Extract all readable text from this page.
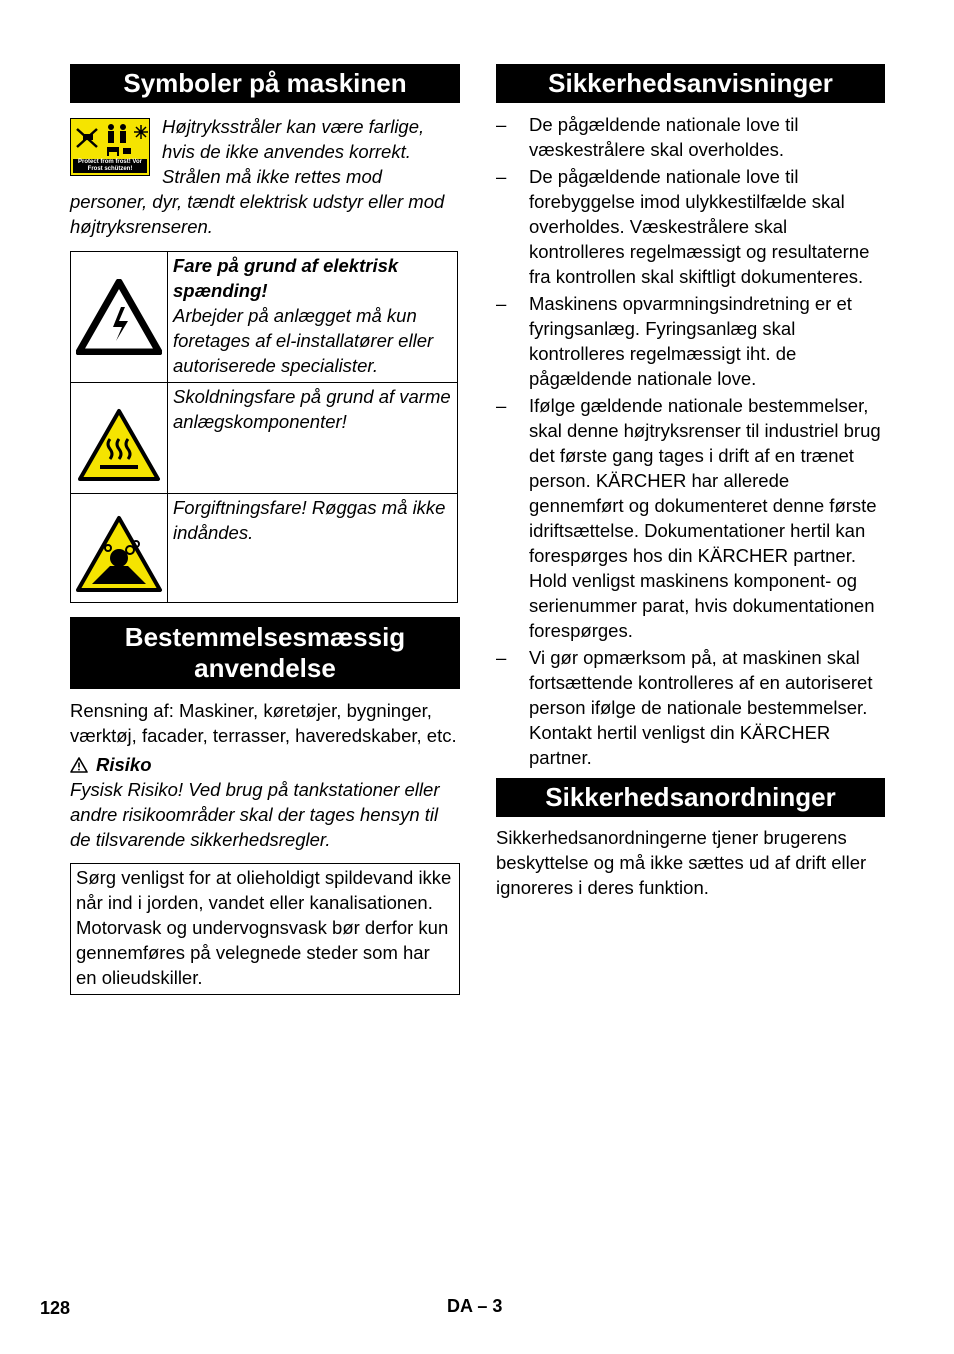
Symboler på maskinen
Protect from frost! Vor Frost schützen!

Højtryksstråler kan være farlige, hvis de ikke anvendes korrekt. Strålen må ikke rettes mod personer, dyr, tændt elektrisk udstyr eller mod højtryksrenseren.

Fare på grund af elektrisk spænding!
Arbejder på anlægget må kun foretages af el-installatører eller autoriserede specialister.
Skoldningsfare på grund af varme anlægskomponenter!
Forgiftningsfare! Røggas må ikke indåndes.
Bestemmelsesmæssig
anvendelse

Rensning af: Maskiner, køretøjer, bygninger, værktøj, facader, terrasser, haveredskaber, etc.

Risiko

Fysisk Risiko! Ved brug på tankstationer eller andre risikoområder skal der tages hensyn til de tilsvarende sikkerhedsregler.

Sørg venligst for at olieholdigt spildevand ikke når ind i jorden, vandet eller kanalisationen. Motorvask og undervognsvask bør derfor kun gennemføres på velegnede steder som har en olieudskiller.
Sikkerhedsanvisninger
– De pågældende nationale love til væskestrålere skal overholdes.
– De pågældende nationale love til forebyggelse imod ulykkestilfælde skal overholdes. Væskestrålere skal kontrolleres regelmæssigt og resultaterne fra kontrollen skal skiftligt dokumenteres.
– Maskinens opvarmningsindretning er et fyringsanlæg. Fyringsanlæg skal kontrolleres regelmæssigt iht. de pågældende nationale love.
– Ifølge gældende nationale bestemmelser, skal denne højtryksrenser til industriel brug det første gang tages i drift af en trænet person. KÄRCHER har allerede gennemført og dokumenteret denne første idriftsættelse. Dokumentationer hertil kan forespørges hos din KÄRCHER partner. Hold venligst maskinens komponent- og serienummer parat, hvis dokumentationen forespørges.
– Vi gør opmærksom på, at maskinen skal fortsættende kontrolleres af en autoriseret person ifølge de nationale bestemmelser. Kontakt hertil venligst din KÄRCHER partner.
Sikkerhedsanordninger

Sikkerhedsanordningerne tjener brugerens beskyttelse og må ikke sættes ud af drift eller ignoreres i deres funktion.

128	DA – 3
